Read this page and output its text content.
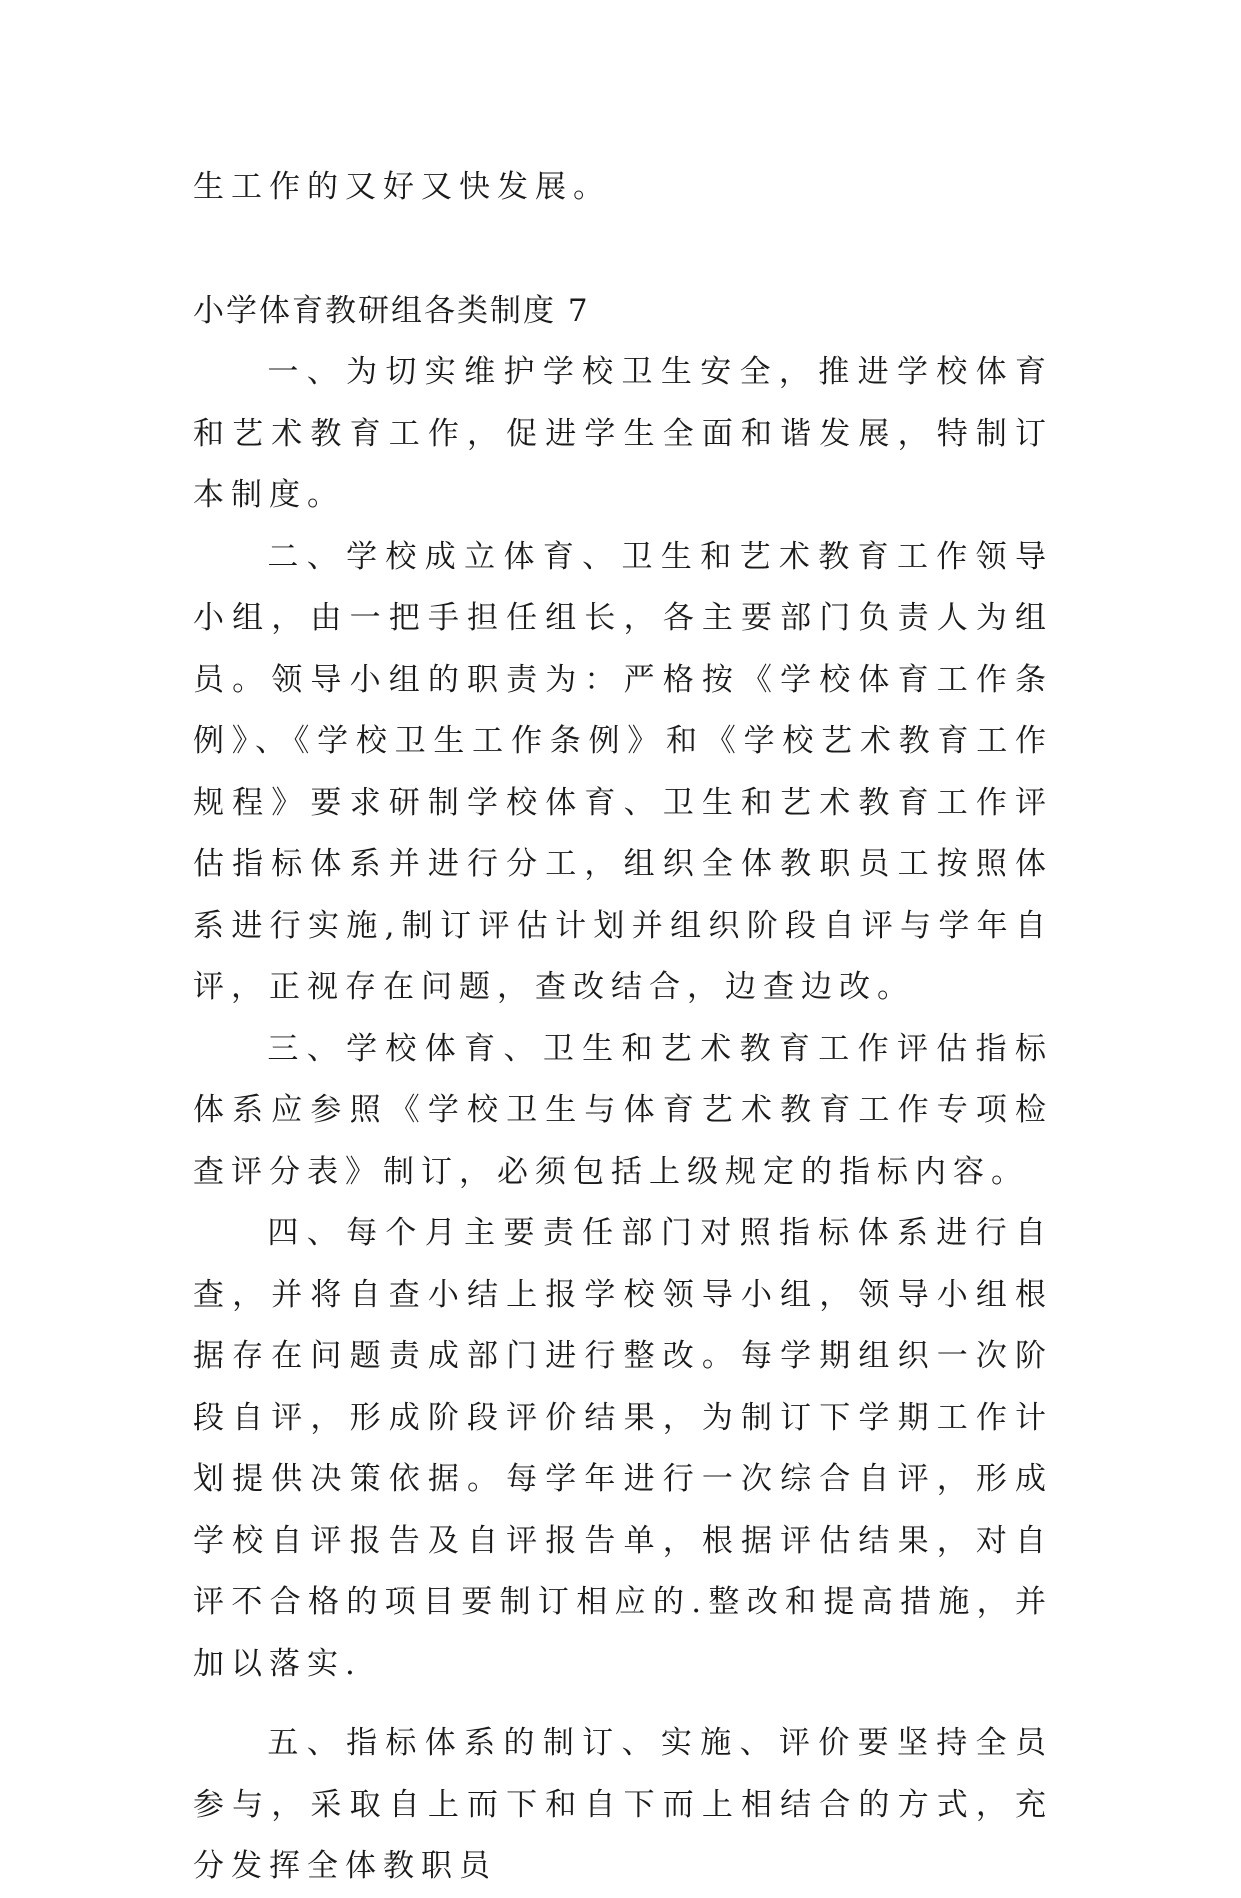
生工作的又好又快发展。
小学体育教研组各类制度 7

一、为切实维护学校卫生安全，推进学校体育和艺术教育工作，促进学生全面和谐发展，特制订本制度。

二、学校成立体育、卫生和艺术教育工作领导小组，由一把手担任组长，各主要部门负责人为组员。领导小组的职责为：严格按《学校体育工作条例》、《学校卫生工作条例》和《学校艺术教育工作规程》要求研制学校体育、卫生和艺术教育工作评估指标体系并进行分工，组织全体教职员工按照体系进行实施,制订评估计划并组织阶段自评与学年自评，正视存在问题，查改结合，边查边改。

三、学校体育、卫生和艺术教育工作评估指标体系应参照《学校卫生与体育艺术教育工作专项检查评分表》制订，必须包括上级规定的指标内容。

四、每个月主要责任部门对照指标体系进行自查，并将自查小结上报学校领导小组，领导小组根据存在问题责成部门进行整改。每学期组织一次阶段自评，形成阶段评价结果，为制订下学期工作计划提供决策依据。每学年进行一次综合自评，形成学校自评报告及自评报告单，根据评估结果，对自评不合格的项目要制订相应的.整改和提高措施，并加以落实.

五、指标体系的制订、实施、评价要坚持全员参与，采取自上而下和自下而上相结合的方式，充分发挥全体教职员
